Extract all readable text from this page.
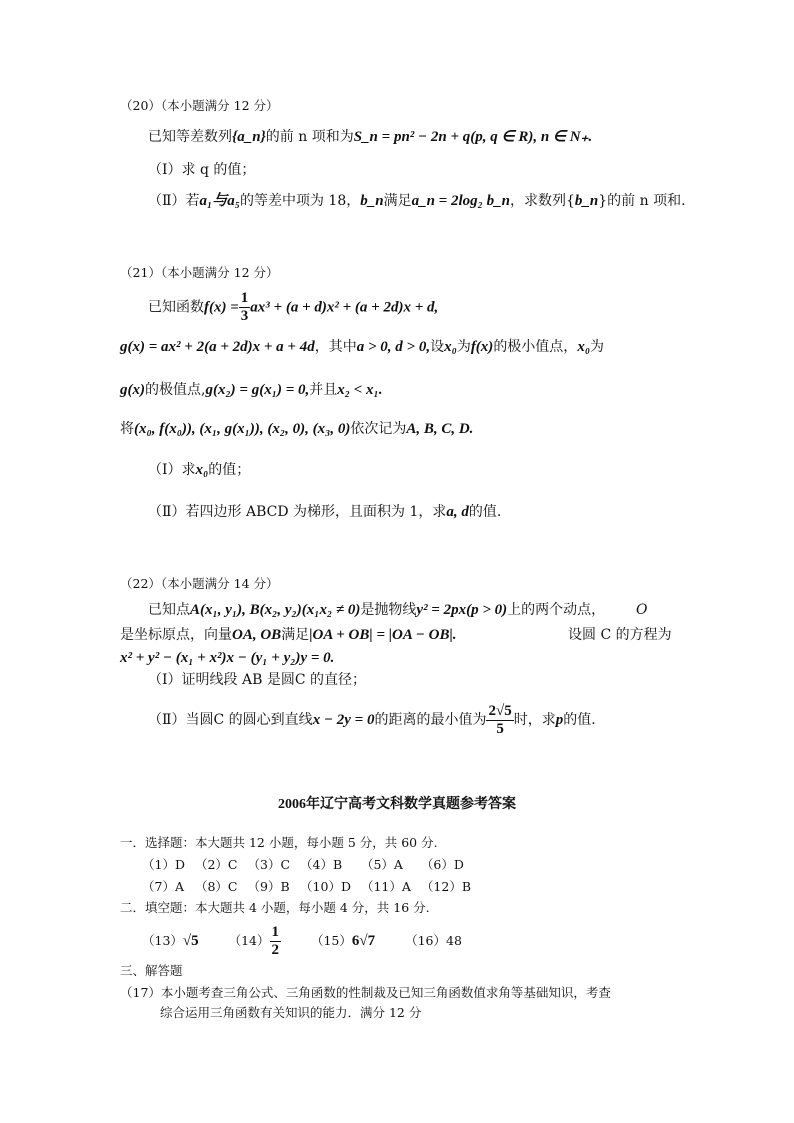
（20）（本小题满分 12 分）
已知等差数列{a_n}的前 n 项和为S_n = pn² − 2n + q(p, q ∈ R), n ∈ N₊.
（Ⅰ）求 q 的值；
（Ⅱ）若a₁与a₅的等差中项为 18，b_n满足a_n = 2log₂ b_n，求数列{b_n}的前 n 项和.
（21）（本小题满分 12 分）
已知函数$f(x) = \frac{1}{3} ax^3 + (a + d)x^2 + (a + 2d)x + d$,
g(x) = ax² + 2(a + 2d)x + a + 4d，其中a > 0, d > 0,设x₀为f(x)的极小值点，x₀为
g(x)的极值点,g(x₂) = g(x₁) = 0,并且x₂ < x₁.
将(x₀, f(x₀)), (x₁, g(x₁)), (x₂, 0), (x₃, 0)依次记为A, B, C, D.
（Ⅰ）求x₀的值；
（Ⅱ）若四边形 ABCD 为梯形，且面积为 1，求a, d的值.
（22）（本小题满分 14 分）
已知点A(x₁, y₁), B(x₂, y₂)(x₁x₂ ≠ 0)是抛物线y² = 2px(p > 0)上的两个动点， O
是坐标原点，向量OA, OB满足|OA + OB| = |OA − OB|.	设圆 C 的方程为
x² + y² − (x₁ + x²)x − (y₁ + y₂)y = 0.
（Ⅰ）证明线段 AB 是圆C 的直径；
（Ⅱ）当圆C 的圆心到直线x − 2y = 0的距离的最小值为 $\frac{2√5}{5}$ 时，求p的值.
2006年辽宁高考文科数学真题参考答案
一．选择题：本大题共 12 小题，每小题 5 分，共 60 分.
（1）D	（2）C	（3）C	（4）B	（5）A	（6）D
（7）A	（8）C	（9）B	（10）D	（11）A	（12）B
二．填空题：本大题共 4 小题，每小题 4 分，共 16 分.
（13）√5 $(14) \frac{1}{2} (15)6√7$ （16）48
三、解答题
（17）本小题考查三角公式、三角函数的性制裁及已知三角函数值求角等基础知识，考查
综合运用三角函数有关知识的能力．满分 12 分
